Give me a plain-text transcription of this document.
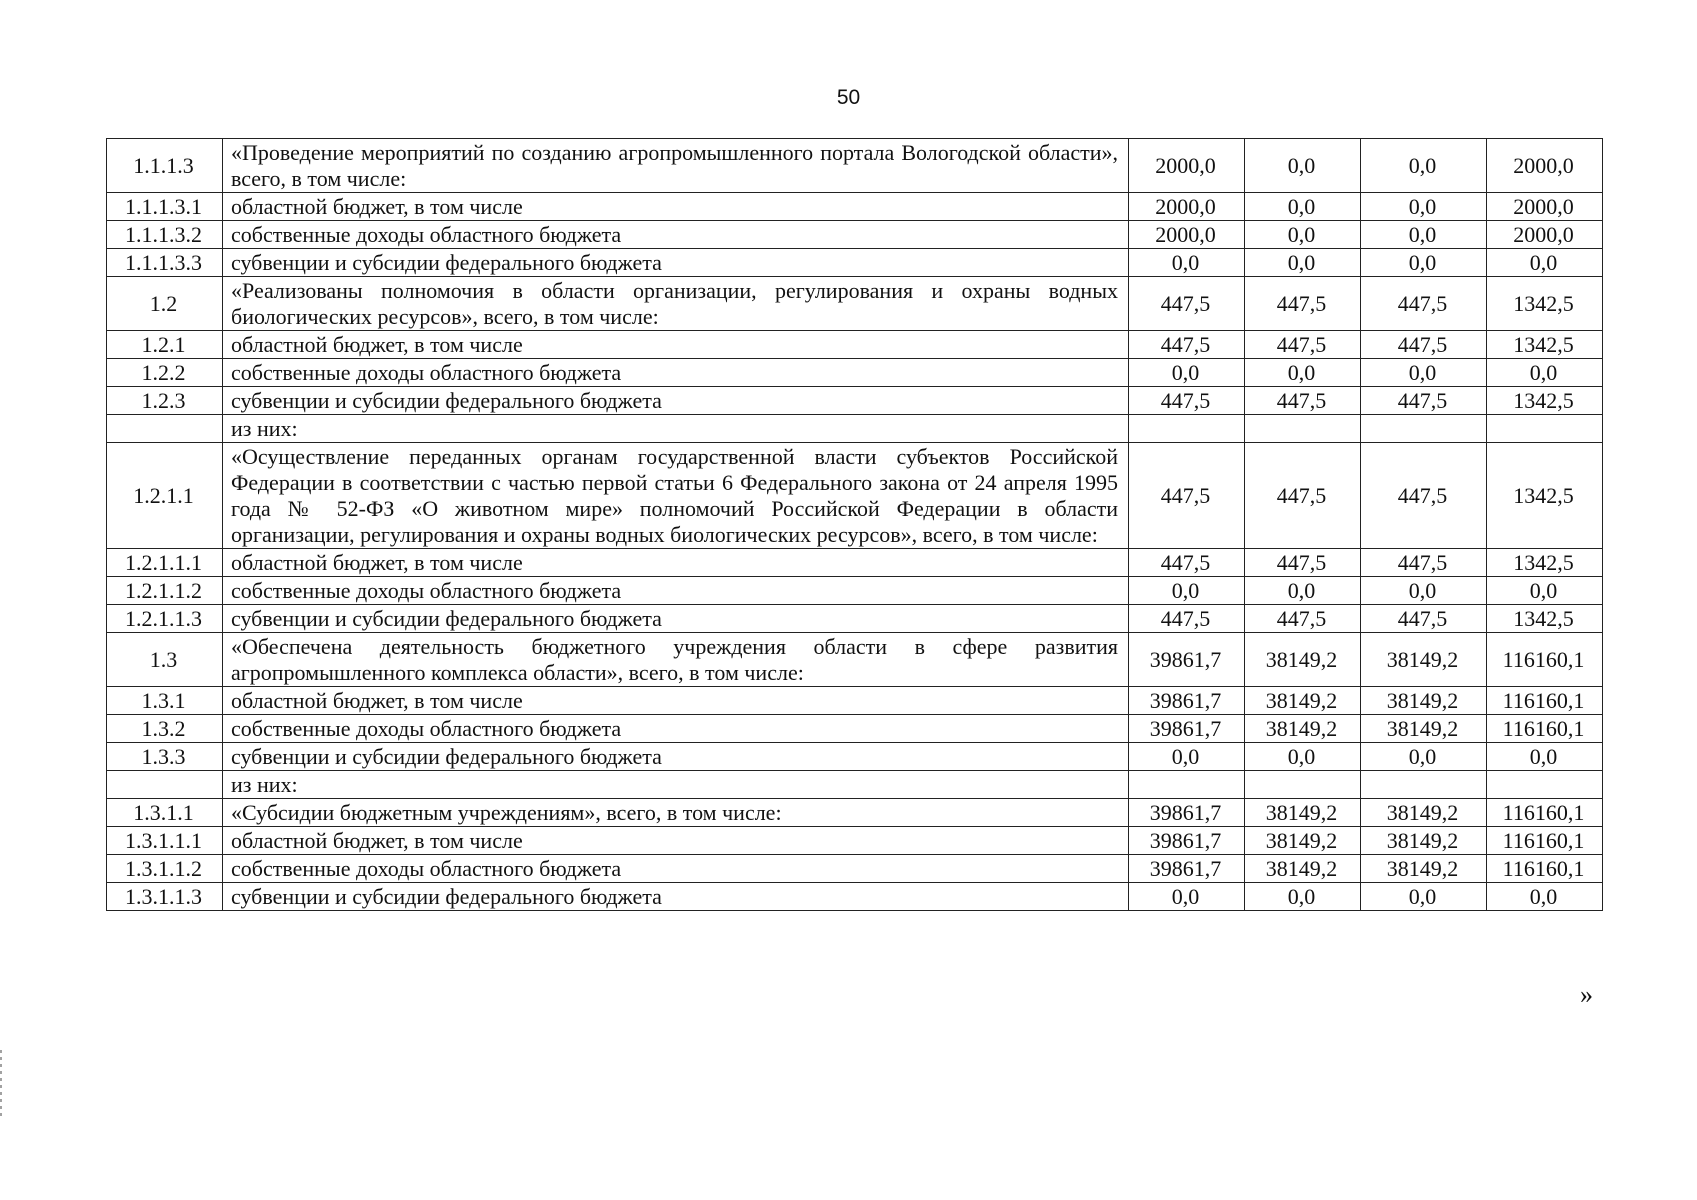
50
1.1.1.3	«Проведение мероприятий по созданию агропромышленного портала Вологодской области», всего, в том числе:	2000,0	0,0	0,0	2000,0
1.1.1.3.1	областной бюджет, в том числе	2000,0	0,0	0,0	2000,0
1.1.1.3.2	собственные доходы областного бюджета	2000,0	0,0	0,0	2000,0
1.1.1.3.3	субвенции и субсидии федерального бюджета	0,0	0,0	0,0	0,0
1.2	«Реализованы полномочия в области организации, регулирования и охраны водных биологических ресурсов», всего, в том числе:	447,5	447,5	447,5	1342,5
1.2.1	областной бюджет, в том числе	447,5	447,5	447,5	1342,5
1.2.2	собственные доходы областного бюджета	0,0	0,0	0,0	0,0
1.2.3	субвенции и субсидии федерального бюджета	447,5	447,5	447,5	1342,5
	из них:				
1.2.1.1	«Осуществление переданных органам государственной власти субъектов Российской Федерации в соответствии с частью первой статьи 6 Федерального закона от 24 апреля 1995 года № 52-ФЗ «О животном мире» полномочий Российской Федерации в области организации, регулирования и охраны водных биологических ресурсов», всего, в том числе:	447,5	447,5	447,5	1342,5
1.2.1.1.1	областной бюджет, в том числе	447,5	447,5	447,5	1342,5
1.2.1.1.2	собственные доходы областного бюджета	0,0	0,0	0,0	0,0
1.2.1.1.3	субвенции и субсидии федерального бюджета	447,5	447,5	447,5	1342,5
1.3	«Обеспечена деятельность бюджетного учреждения области в сфере развития агропромышленного комплекса области», всего, в том числе:	39861,7	38149,2	38149,2	116160,1
1.3.1	областной бюджет, в том числе	39861,7	38149,2	38149,2	116160,1
1.3.2	собственные доходы областного бюджета	39861,7	38149,2	38149,2	116160,1
1.3.3	субвенции и субсидии федерального бюджета	0,0	0,0	0,0	0,0
	из них:				
1.3.1.1	«Субсидии бюджетным учреждениям», всего, в том числе:	39861,7	38149,2	38149,2	116160,1
1.3.1.1.1	областной бюджет, в том числе	39861,7	38149,2	38149,2	116160,1
1.3.1.1.2	собственные доходы областного бюджета	39861,7	38149,2	38149,2	116160,1
1.3.1.1.3	субвенции и субсидии федерального бюджета	0,0	0,0	0,0	0,0
»
